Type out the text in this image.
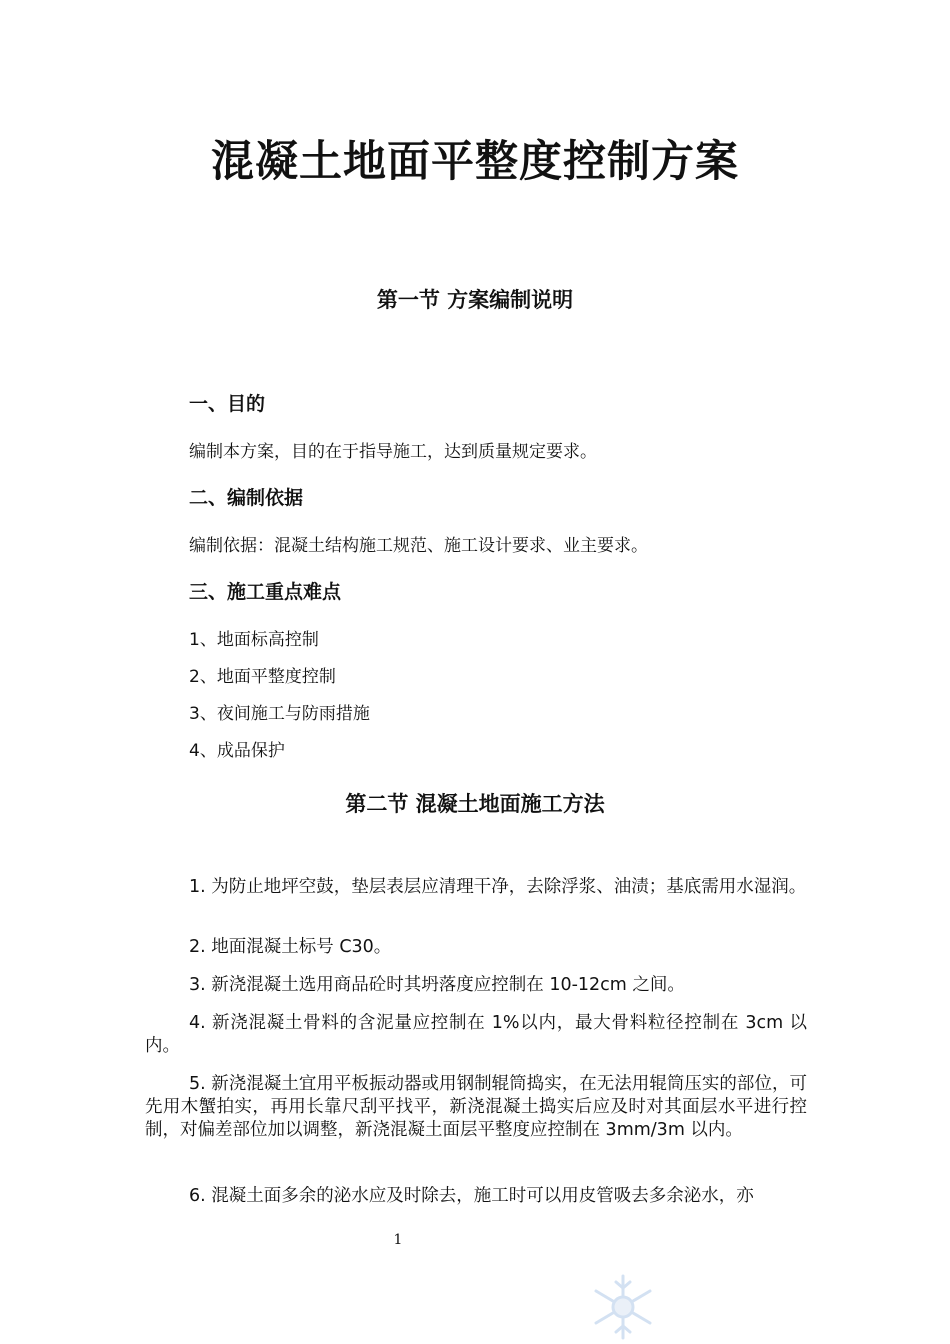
混凝土地面平整度控制方案
第一节 方案编制说明
一、目的

编制本方案，目的在于指导施工，达到质量规定要求。

二、编制依据

编制依据：混凝土结构施工规范、施工设计要求、业主要求。

三、施工重点难点

1、地面标高控制

2、地面平整度控制

3、夜间施工与防雨措施

4、成品保护

第二节 混凝土地面施工方法

1. 为防止地坪空鼓，垫层表层应清理干净，去除浮浆、油渍；基底需用水湿润。

2. 地面混凝土标号 C30。

3. 新浇混凝土选用商品砼时其坍落度应控制在 10-12cm 之间。

4. 新浇混凝土骨料的含泥量应控制在 1%以内，最大骨料粒径控制在 3cm 以内。

5. 新浇混凝土宜用平板振动器或用钢制辊筒捣实，在无法用辊筒压实的部位，可先用木蟹拍实，再用长靠尺刮平找平，新浇混凝土捣实后应及时对其面层水平进行控制，对偏差部位加以调整，新浇混凝土面层平整度应控制在 3mm/3m 以内。

6. 混凝土面多余的泌水应及时除去，施工时可以用皮管吸去多余泌水，亦

1
